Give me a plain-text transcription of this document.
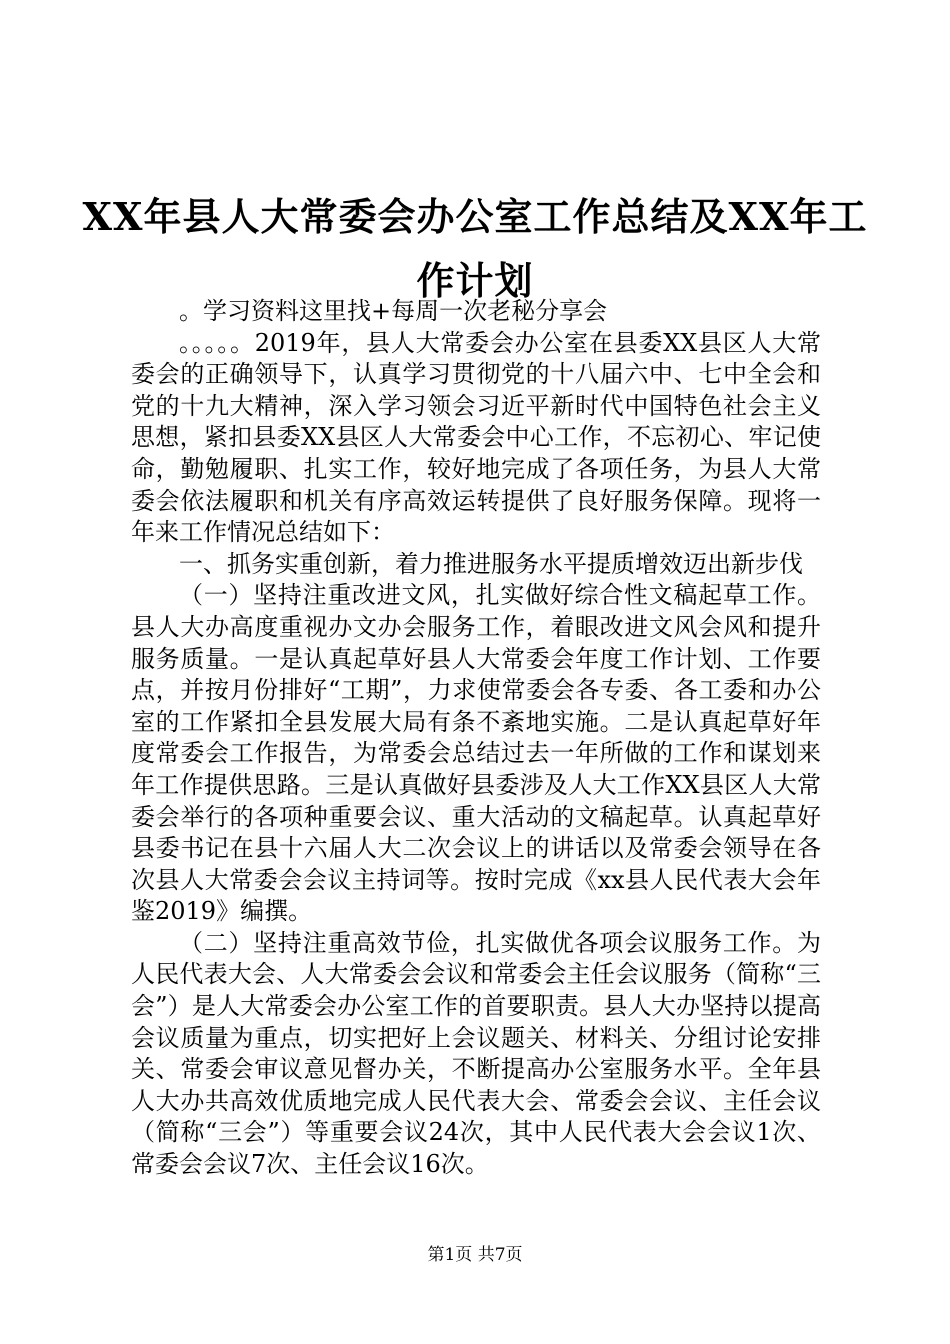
XX年县人大常委会办公室工作总结及XX年工作计划

。学习资料这里找+每周一次老秘分享会

。。。。。2019年，县人大常委会办公室在县委XX县区人大常委会的正确领导下，认真学习贯彻党的十八届六中、七中全会和党的十九大精神，深入学习领会习近平新时代中国特色社会主义思想，紧扣县委XX县区人大常委会中心工作，不忘初心、牢记使命，勤勉履职、扎实工作，较好地完成了各项任务，为县人大常委会依法履职和机关有序高效运转提供了良好服务保障。现将一年来工作情况总结如下：

一、抓务实重创新，着力推进服务水平提质增效迈出新步伐

（一）坚持注重改进文风，扎实做好综合性文稿起草工作。县人大办高度重视办文办会服务工作，着眼改进文风会风和提升服务质量。一是认真起草好县人大常委会年度工作计划、工作要点，并按月份排好“工期”，力求使常委会各专委、各工委和办公室的工作紧扣全县发展大局有条不紊地实施。二是认真起草好年度常委会工作报告，为常委会总结过去一年所做的工作和谋划来年工作提供思路。三是认真做好县委涉及人大工作XX县区人大常委会举行的各项种重要会议、重大活动的文稿起草。认真起草好县委书记在县十六届人大二次会议上的讲话以及常委会领导在各次县人大常委会会议主持词等。按时完成《xx县人民代表大会年鉴2019》编撰。

（二）坚持注重高效节俭，扎实做优各项会议服务工作。为人民代表大会、人大常委会会议和常委会主任会议服务（简称“三会”）是人大常委会办公室工作的首要职责。县人大办坚持以提高会议质量为重点，切实把好上会议题关、材料关、分组讨论安排关、常委会审议意见督办关，不断提高办公室服务水平。全年县人大办共高效优质地完成人民代表大会、常委会会议、主任会议（简称“三会”）等重要会议24次，其中人民代表大会会议1次、常委会会议7次、主任会议16次。

第1页 共7页
